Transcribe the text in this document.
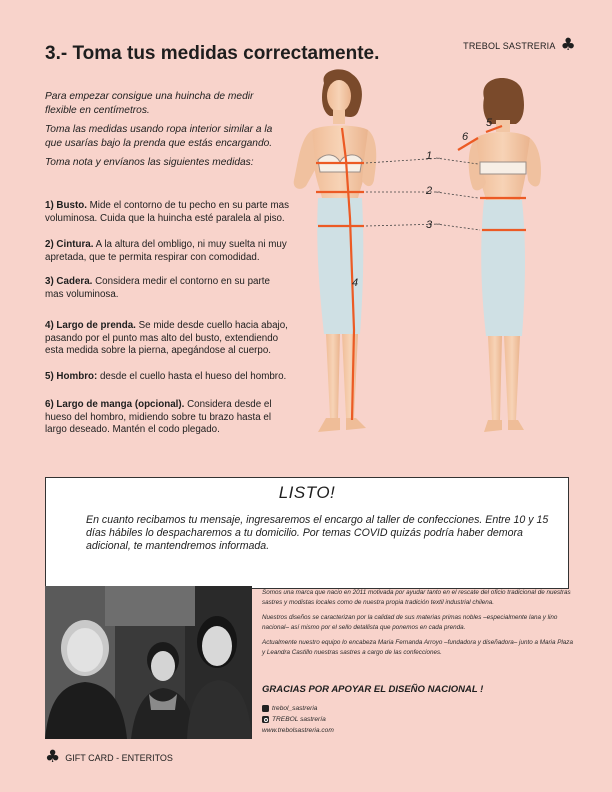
TREBOL SASTRERIA ♣
3.- Toma tus medidas correctamente.

Para empezar consigue una huincha de medir flexible en centímetros.

Toma las medidas usando ropa interior similar a la que usarías bajo la prenda que estás encargando.

Toma nota y envíanos las siguientes medidas:

1) Busto. Mide el contorno de tu pecho en su parte mas voluminosa. Cuida que la huincha esté paralela al piso.
2) Cintura. A la altura del ombligo, ni muy suelta ni muy apretada, que te permita respirar con comodidad.
3) Cadera. Considera medir el contorno en su parte mas voluminosa.
4) Largo de prenda. Se mide desde cuello hacia abajo, pasando por el punto mas alto del busto, extendiendo esta medida sobre la pierna, apegándose al cuerpo.
5) Hombro: desde el cuello hasta el hueso del hombro.
6) Largo de manga (opcional). Considera desde el hueso del hombro, midiendo sobre tu brazo hasta el largo deseado. Mantén el codo plegado.
1
2
3
4
5
6
LISTO!
En cuanto recibamos tu mensaje, ingresaremos el encargo al taller de confecciones. Entre 10 y 15 días hábiles lo despacharemos a tu domicilio. Por temas COVID quizás podría haber demora adicional, te mantendremos informada.

Somos una marca que nacio en 2011 motivada por ayudar tanto en el rescate del oficio tradicional de nuestras sastres y modistas locales como de nuestra propia tradición textil industrial chilena.

Nuestros diseños se caracterizan por la calidad de sus materias primas nobles –especialmente lana y lino nacional– así mismo por el sello detallista que ponemos en cada prenda.

Actualmente nuestro equipo lo encabeza Maria Fernanda Arroyo –fundadora y diseñadora– junto a Maria Plaza y Leandra Castillo nuestras sastres a cargo de las confecciones.

GRACIAS POR APOYAR EL DISEÑO NACIONAL !
trebol_sastreria
TREBOL sastrería
www.trebolsastreria.com
♣ GIFT CARD - ENTERITOS
